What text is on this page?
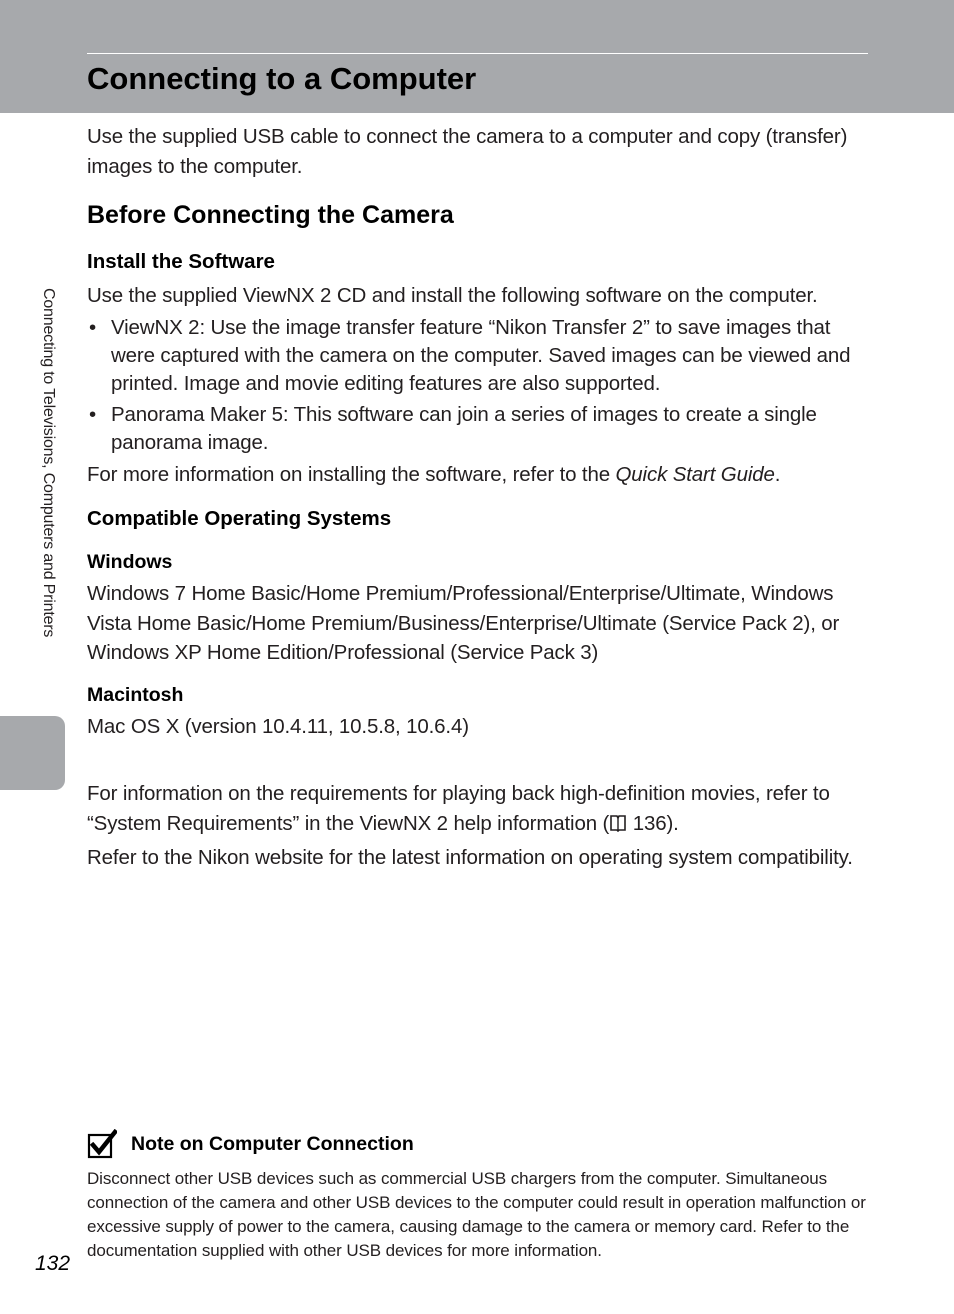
Connecting to a Computer
Connecting to Televisions, Computers and Printers

Use the supplied USB cable to connect the camera to a computer and copy (transfer) images to the computer.

Before Connecting the Camera
Install the Software

Use the supplied ViewNX 2 CD and install the following software on the computer.

• ViewNX 2: Use the image transfer feature “Nikon Transfer 2” to save images that were captured with the camera on the computer. Saved images can be viewed and printed. Image and movie editing features are also supported.
• Panorama Maker 5: This software can join a series of images to create a single panorama image.

For more information on installing the software, refer to the Quick Start Guide.

Compatible Operating Systems
Windows

Windows 7 Home Basic/Home Premium/Professional/Enterprise/Ultimate, Windows Vista Home Basic/Home Premium/Business/Enterprise/Ultimate (Service Pack 2), or Windows XP Home Edition/Professional (Service Pack 3)

Macintosh

Mac OS X (version 10.4.11, 10.5.8, 10.6.4)

For information on the requirements for playing back high-definition movies, refer to “System Requirements” in the ViewNX 2 help information ( 136).

Refer to the Nikon website for the latest information on operating system compatibility.

Note on Computer Connection

Disconnect other USB devices such as commercial USB chargers from the computer. Simultaneous connection of the camera and other USB devices to the computer could result in operation malfunction or excessive supply of power to the camera, causing damage to the camera or memory card. Refer to the documentation supplied with other USB devices for more information.

132
